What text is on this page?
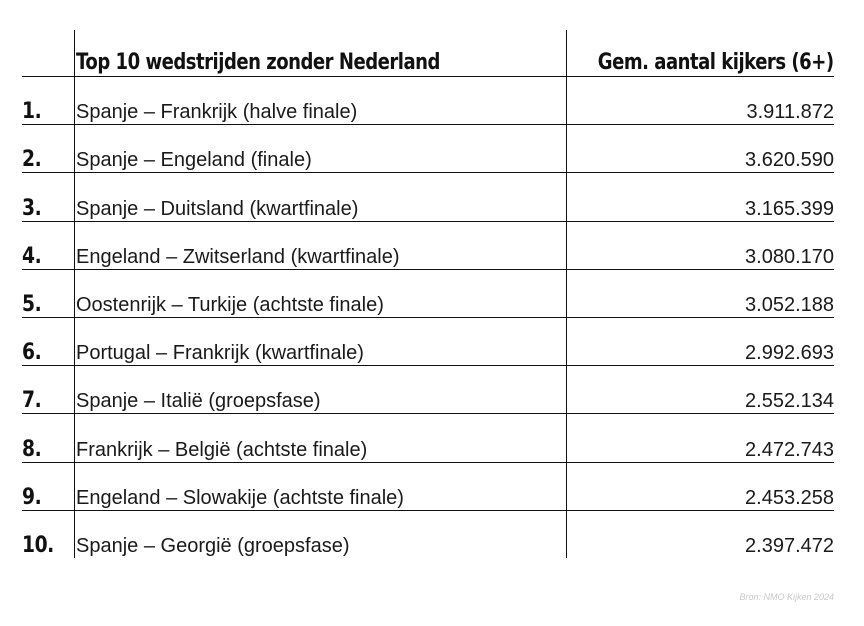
Top 10 wedstrijden zonder Nederland	Gem. aantal kijkers (6+)
1. Spanje – Frankrijk (halve finale)	3.911.872
2. Spanje – Engeland (finale)	3.620.590
3. Spanje – Duitsland (kwartfinale)	3.165.399
4. Engeland – Zwitserland (kwartfinale)	3.080.170
5. Oostenrijk – Turkije (achtste finale)	3.052.188
6. Portugal – Frankrijk (kwartfinale)	2.992.693
7. Spanje – Italië (groepsfase)	2.552.134
8. Frankrijk – België (achtste finale)	2.472.743
9. Engeland – Slowakije (achtste finale)	2.453.258
10. Spanje – Georgië (groepsfase)	2.397.472
Bron: NMO Kijken 2024
